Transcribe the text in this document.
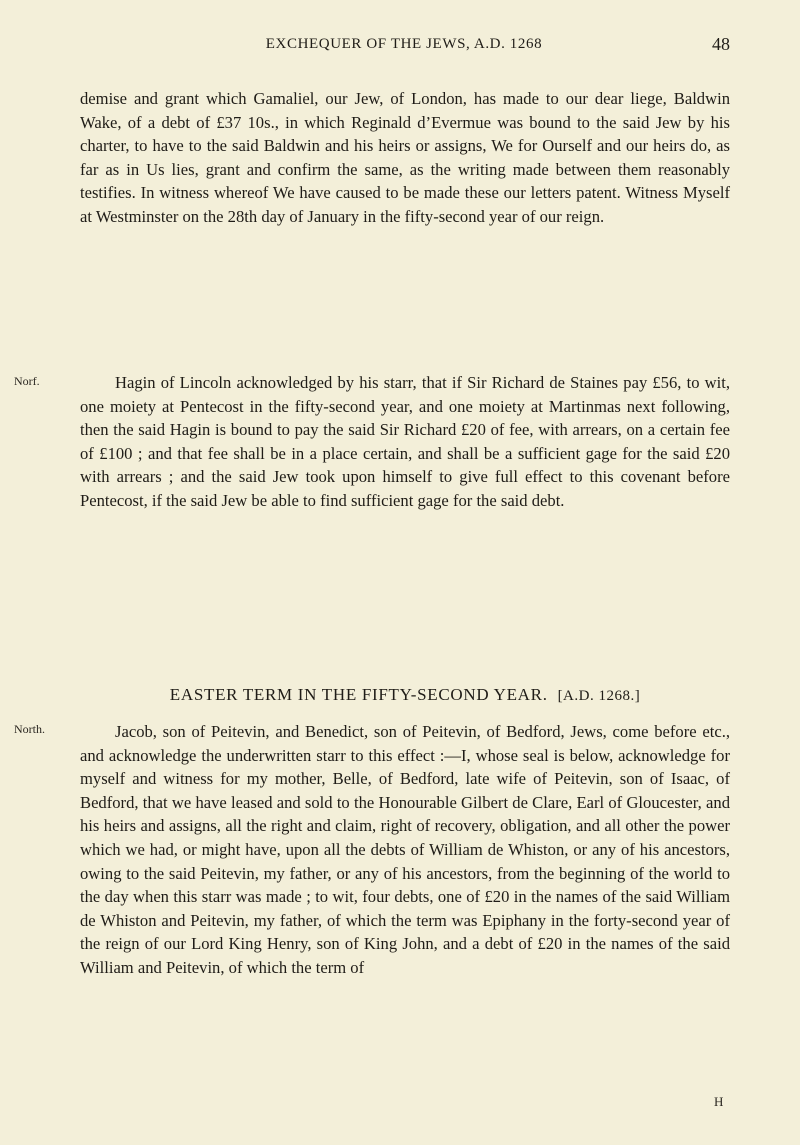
EXCHEQUER OF THE JEWS, A.D. 1268	48

demise and grant which Gamaliel, our Jew, of London, has made to our dear liege, Baldwin Wake, of a debt of £37 10s., in which Reginald d’Evermue was bound to the said Jew by his charter, to have to the said Baldwin and his heirs or assigns, We for Ourself and our heirs do, as far as in Us lies, grant and confirm the same, as the writing made between them reasonably testifies. In witness whereof We have caused to be made these our letters patent. Witness Myself at Westminster on the 28th day of January in the fifty-second year of our reign.

Norf.	Hagin of Lincoln acknowledged by his starr, that if Sir Richard de Staines pay £56, to wit, one moiety at Pentecost in the fifty-second year, and one moiety at Martinmas next following, then the said Hagin is bound to pay the said Sir Richard £20 of fee, with arrears, on a certain fee of £100 ; and that fee shall be in a place certain, and shall be a sufficient gage for the said £20 with arrears ; and the said Jew took upon himself to give full effect to this covenant before Pentecost, if the said Jew be able to find sufficient gage for the said debt.

EASTER TERM IN THE FIFTY-SECOND YEAR. [A.D. 1268.]
North.	Jacob, son of Peitevin, and Benedict, son of Peitevin, of Bedford, Jews, come before etc., and acknowledge the underwritten starr to this effect :—I, whose seal is below, acknowledge for myself and witness for my mother, Belle, of Bedford, late wife of Peitevin, son of Isaac, of Bedford, that we have leased and sold to the Honourable Gilbert de Clare, Earl of Gloucester, and his heirs and assigns, all the right and claim, right of recovery, obligation, and all other the power which we had, or might have, upon all the debts of William de Whiston, or any of his ancestors, owing to the said Peitevin, my father, or any of his ancestors, from the beginning of the world to the day when this starr was made ; to wit, four debts, one of £20 in the names of the said William de Whiston and Peitevin, my father, of which the term was Epiphany in the forty-second year of the reign of our Lord King Henry, son of King John, and a debt of £20 in the names of the said William and Peitevin, of which the term of

H
